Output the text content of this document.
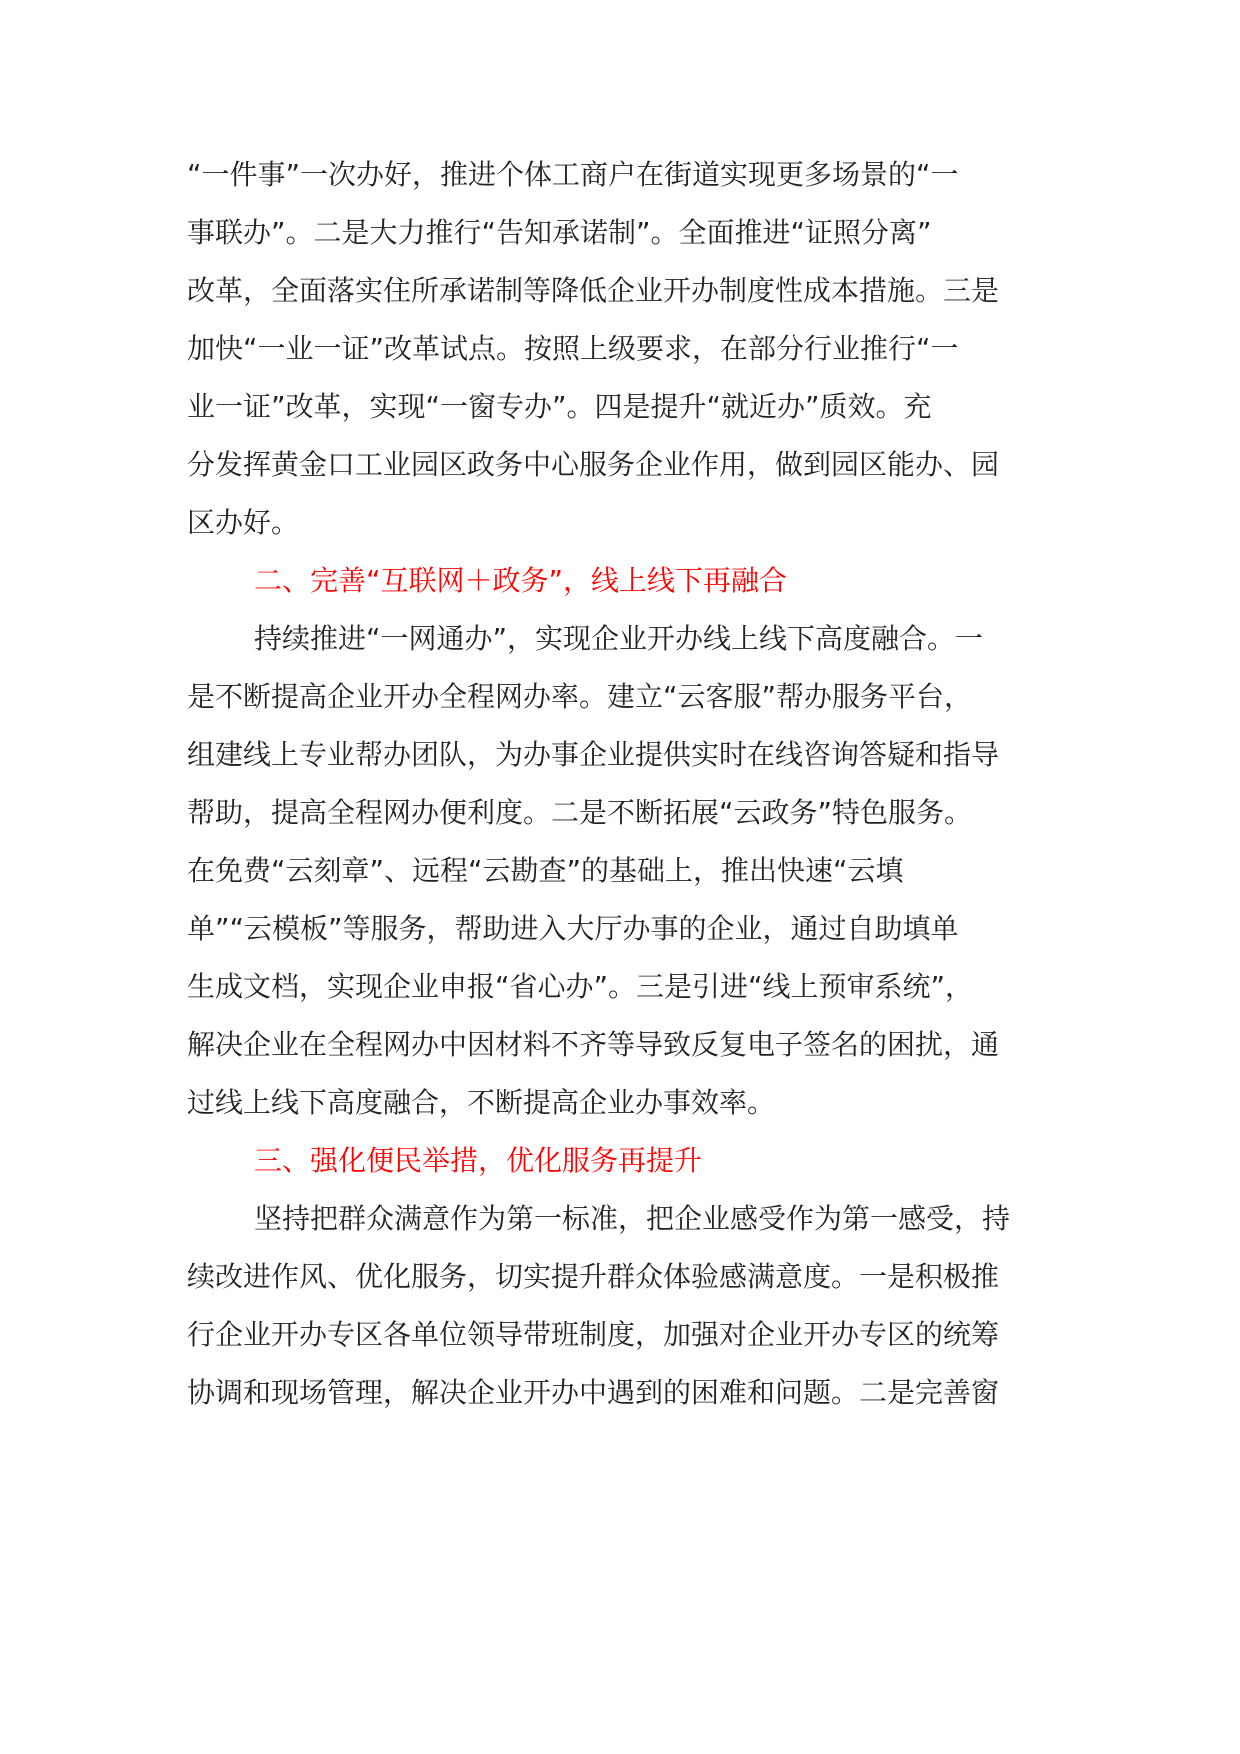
“一件事”一次办好，推进个体工商户在街道实现更多场景的“一
事联办”。二是大力推行“告知承诺制”。全面推进“证照分离”
改革，全面落实住所承诺制等降低企业开办制度性成本措施。三是
加快“一业一证”改革试点。按照上级要求，在部分行业推行“一
业一证”改革，实现“一窗专办”。四是提升“就近办”质效。充
分发挥黄金口工业园区政务中心服务企业作用，做到园区能办、园
区办好。
二、完善“互联网＋政务”，线上线下再融合
持续推进“一网通办”，实现企业开办线上线下高度融合。一
是不断提高企业开办全程网办率。建立“云客服”帮办服务平台，
组建线上专业帮办团队，为办事企业提供实时在线咨询答疑和指导
帮助，提高全程网办便利度。二是不断拓展“云政务”特色服务。
在免费“云刻章”、远程“云勘查”的基础上，推出快速“云填
单”“云模板”等服务，帮助进入大厅办事的企业，通过自助填单
生成文档，实现企业申报“省心办”。三是引进“线上预审系统”，
解决企业在全程网办中因材料不齐等导致反复电子签名的困扰，通
过线上线下高度融合，不断提高企业办事效率。
三、强化便民举措，优化服务再提升
坚持把群众满意作为第一标准，把企业感受作为第一感受，持
续改进作风、优化服务，切实提升群众体验感满意度。一是积极推
行企业开办专区各单位领导带班制度，加强对企业开办专区的统筹
协调和现场管理，解决企业开办中遇到的困难和问题。二是完善窗
